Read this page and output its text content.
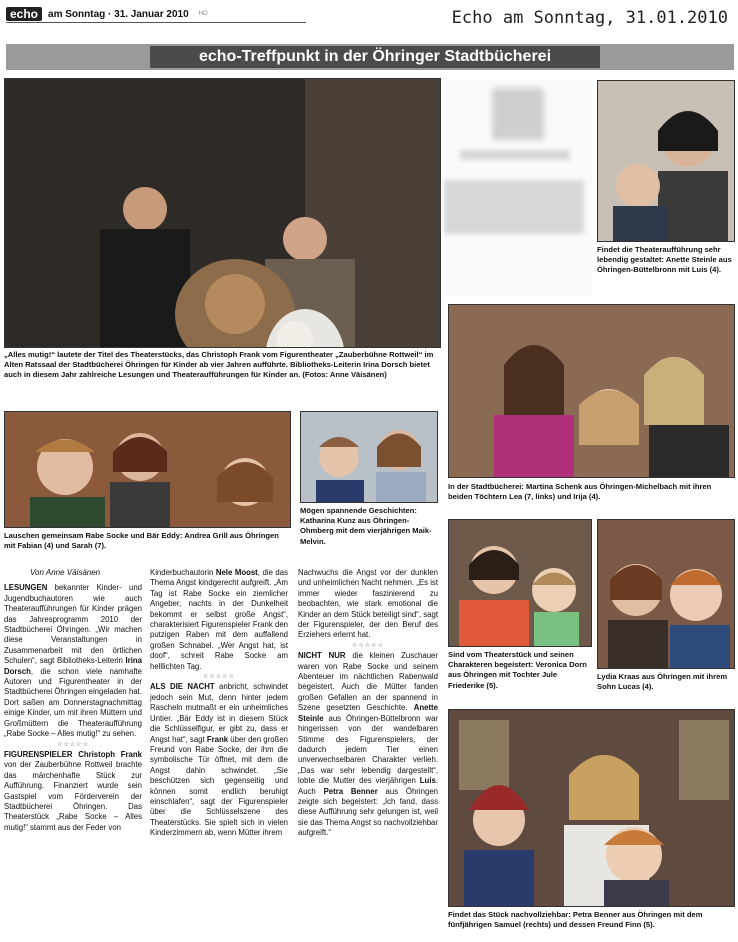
echo	am Sonntag · 31. Januar 2010 HO	Echo am Sonntag, 31.01.2010
echo-Treffpunkt in der Öhringer Stadtbücherei
„Alles mutig!“ lautete der Titel des Theaterstücks, das Christoph Frank vom Figurentheater „Zauberbühne Rottweil“ im Alten Ratssaal der Stadtbücherei Öhringen für Kinder ab vier Jahren aufführte. Bibliotheks-Leiterin Irina Dorsch bietet auch in diesem Jahr zahlreiche Lesungen und Theateraufführungen für Kinder an. (Fotos: Anne Väisänen)
Findet die Theateraufführung sehr lebendig gestaltet: Anette Steinle aus Öhringen-Büttelbronn mit Luis (4).
In der Stadtbücherei: Martina Schenk aus Öhringen-Michelbach mit ihren beiden Töchtern Lea (7, links) und Irija (4).
Lauschen gemeinsam Rabe Socke und Bär Eddy: Andrea Grill aus Öhringen mit Fabian (4) und Sarah (7).
Mögen spannende Geschichten: Katharina Kunz aus Öhringen-Ohmberg mit dem vierjährigen Maik-Melvin.
Sind vom Theaterstück und seinen Charakteren begeistert: Veronica Dorn aus Öhringen mit Tochter Jule Friederike (5).
Lydia Kraas aus Öhringen mit ihrem Sohn Lucas (4).
Findet das Stück nachvollziehbar: Petra Benner aus Öhringen mit dem fünfjährigen Samuel (rechts) und dessen Freund Finn (5).

Von Anne Väisänen

LESUNGEN bekannter Kinder- und Jugendbuchautoren wie auch Theateraufführungen für Kinder prägen das Jahresprogramm 2010 der Stadtbücherei Öhringen. „Wir machen diese Veranstaltungen in Zusammenarbeit mit den örtlichen Schulen“, sagt Bibliotheks-Leiterin Irina Dorsch, die schon viele namhafte Autoren und Figurentheater in der Stadtbücherei Öhringen eingeladen hat. Dort saßen am Donnerstagnachmittag einige Kinder, um mit ihren Müttern und Großmüttern die Theateraufführung „Rabe Socke – Alles mutig!“ zu sehen.

☆☆☆☆☆

FIGURENSPIELER Christoph Frank von der Zauberbühne Rottweil brachte das märchenhafte Stück zur Aufführung. Finanziert wurde sein Gastspiel vom Förderverein der Stadtbücherei Öhringen. Das Theaterstück „Rabe Socke – Alles mutig!“ stammt aus der Feder von

Kinderbuchautorin Nele Moost, die das Thema Angst kindgerecht aufgreift. „Am Tag ist Rabe Socke ein ziemlicher Angeber, nachts in der Dunkelheit bekommt er selbst große Angst“, charakterisiert Figurenspieler Frank den putzigen Raben mit dem auffallend großen Schnabel. „Wer Angst hat, ist doof“, schreit Rabe Socke am helllichten Tag.

☆☆☆☆☆

ALS DIE NACHT anbricht, schwindet jedoch sein Mut, denn hinter jedem Rascheln mutmaßt er ein unheimliches Untier. „Bär Eddy ist in diesem Stück die Schlüsselfigur, er gibt zu, dass er Angst hat“, sagt Frank über den großen Freund von Rabe Socke, der ihm die symbolische Tür öffnet, mit dem die Angst dahin schwindet. „Sie beschützen sich gegenseitig und können somit endlich beruhigt einschlafen“, sagt der Figurenspieler über die Schlüsselszene des Theaterstücks. Sie spielt sich in vielen Kinderzimmern ab, wenn Mütter ihrem

Nachwuchs die Angst vor der dunklen und unheimlichen Nacht nehmen. „Es ist immer wieder faszinierend zu beobachten, wie stark emotional die Kinder an dem Stück beteiligt sind“, sagt der Figurenspieler, der den Beruf des Erziehers erlernt hat.

☆☆☆☆☆

NICHT NUR die kleinen Zuschauer waren von Rabe Socke und seinem Abenteuer im nächtlichen Rabenwald begeistert. Auch die Mütter fanden großen Gefallen an der spannend in Szene gesetzten Geschichte. Anette Steinle aus Öhringen-Büttelbronn war hingerissen von der wandelbaren Stimme des Figurenspielers, der dadurch jedem Tier einen unverwechselbaren Charakter verlieh. „Das war sehr lebendig dargestellt“, lobte die Mutter des vierjährigen Luis. Auch Petra Benner aus Öhringen zeigte sich begeistert: „Ich fand, dass diese Aufführung sehr gelungen ist, weil sie das Thema Angst so nachvollziehbar aufgreift.“
